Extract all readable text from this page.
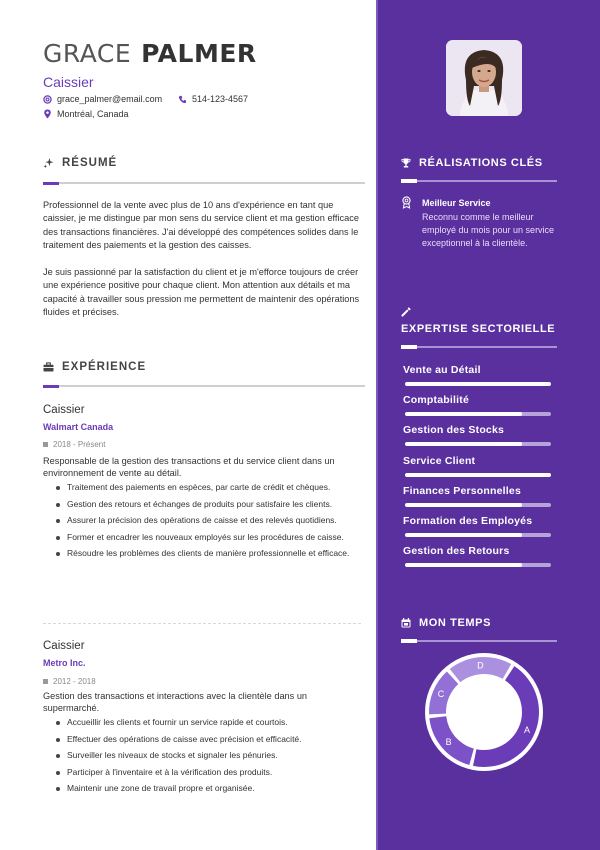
GRACE PALMER
Caissier
grace_palmer@email.com	514-123-4567
Montréal, Canada
RÉSUMÉ

Professionnel de la vente avec plus de 10 ans d'expérience en tant que caissier, je me distingue par mon sens du service client et ma gestion efficace des transactions financières. J'ai développé des compétences solides dans le traitement des paiements et la gestion des caisses.

Je suis passionné par la satisfaction du client et je m'efforce toujours de créer une expérience positive pour chaque client. Mon attention aux détails et ma capacité à travailler sous pression me permettent de maintenir des opérations fluides et précises.

EXPÉRIENCE
Caissier
Walmart Canada
2018 - Présent

Responsable de la gestion des transactions et du service client dans un environnement de vente au détail.

Traitement des paiements en espèces, par carte de crédit et chèques.
Gestion des retours et échanges de produits pour satisfaire les clients.
Assurer la précision des opérations de caisse et des relevés quotidiens.
Former et encadrer les nouveaux employés sur les procédures de caisse.
Résoudre les problèmes des clients de manière professionnelle et efficace.
Caissier
Metro Inc.
2012 - 2018

Gestion des transactions et interactions avec la clientèle dans un supermarché.

Accueillir les clients et fournir un service rapide et courtois.
Effectuer des opérations de caisse avec précision et efficacité.
Surveiller les niveaux de stocks et signaler les pénuries.
Participer à l'inventaire et à la vérification des produits.
Maintenir une zone de travail propre et organisée.
RÉALISATIONS CLÉS
Meilleur Service
Reconnu comme le meilleur employé du mois pour un service exceptionnel à la clientèle.
EXPERTISE SECTORIELLE
Vente au Détail
Comptabilité
Gestion des Stocks
Service Client
Finances Personnelles
Formation des Employés
Gestion des Retours
MON TEMPS
A
B
C
D
